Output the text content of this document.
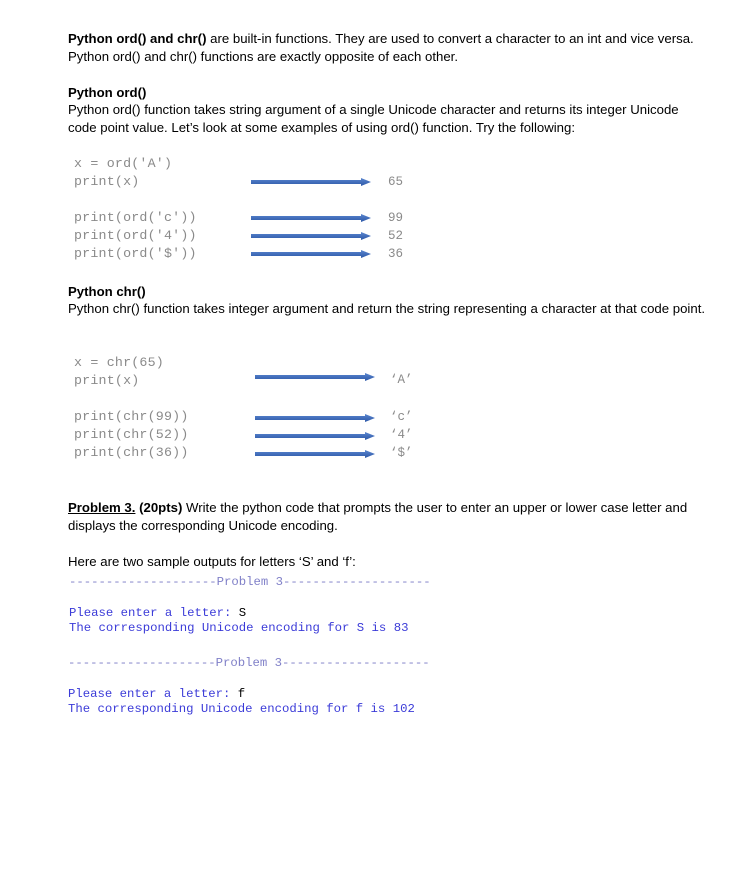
Python ord() and chr() are built-in functions. They are used to convert a character to an int and vice versa. Python ord() and chr() functions are exactly opposite of each other.

Python ord()

Python ord() function takes string argument of a single Unicode character and returns its integer Unicode code point value. Let’s look at some examples of using ord() function. Try the following:

x = ord('A')
print(x)	65
print(ord('c'))
print(ord('4'))
print(ord('$'))
99
52
36

Python chr()

Python chr() function takes integer argument and return the string representing a character at that code point.

x = chr(65)
print(x)	‘A’
print(chr(99))
print(chr(52))
print(chr(36))
‘c’
‘4’
‘$’

Problem 3. (20pts) Write the python code that prompts the user to enter an upper or lower case letter and displays the corresponding Unicode encoding.

Here are two sample outputs for letters ‘S’ and ‘f’:

--------------------Problem 3--------------------
Please enter a letter: S
The corresponding Unicode encoding for S is 83
--------------------Problem 3--------------------
Please enter a letter: f
The corresponding Unicode encoding for f is 102
